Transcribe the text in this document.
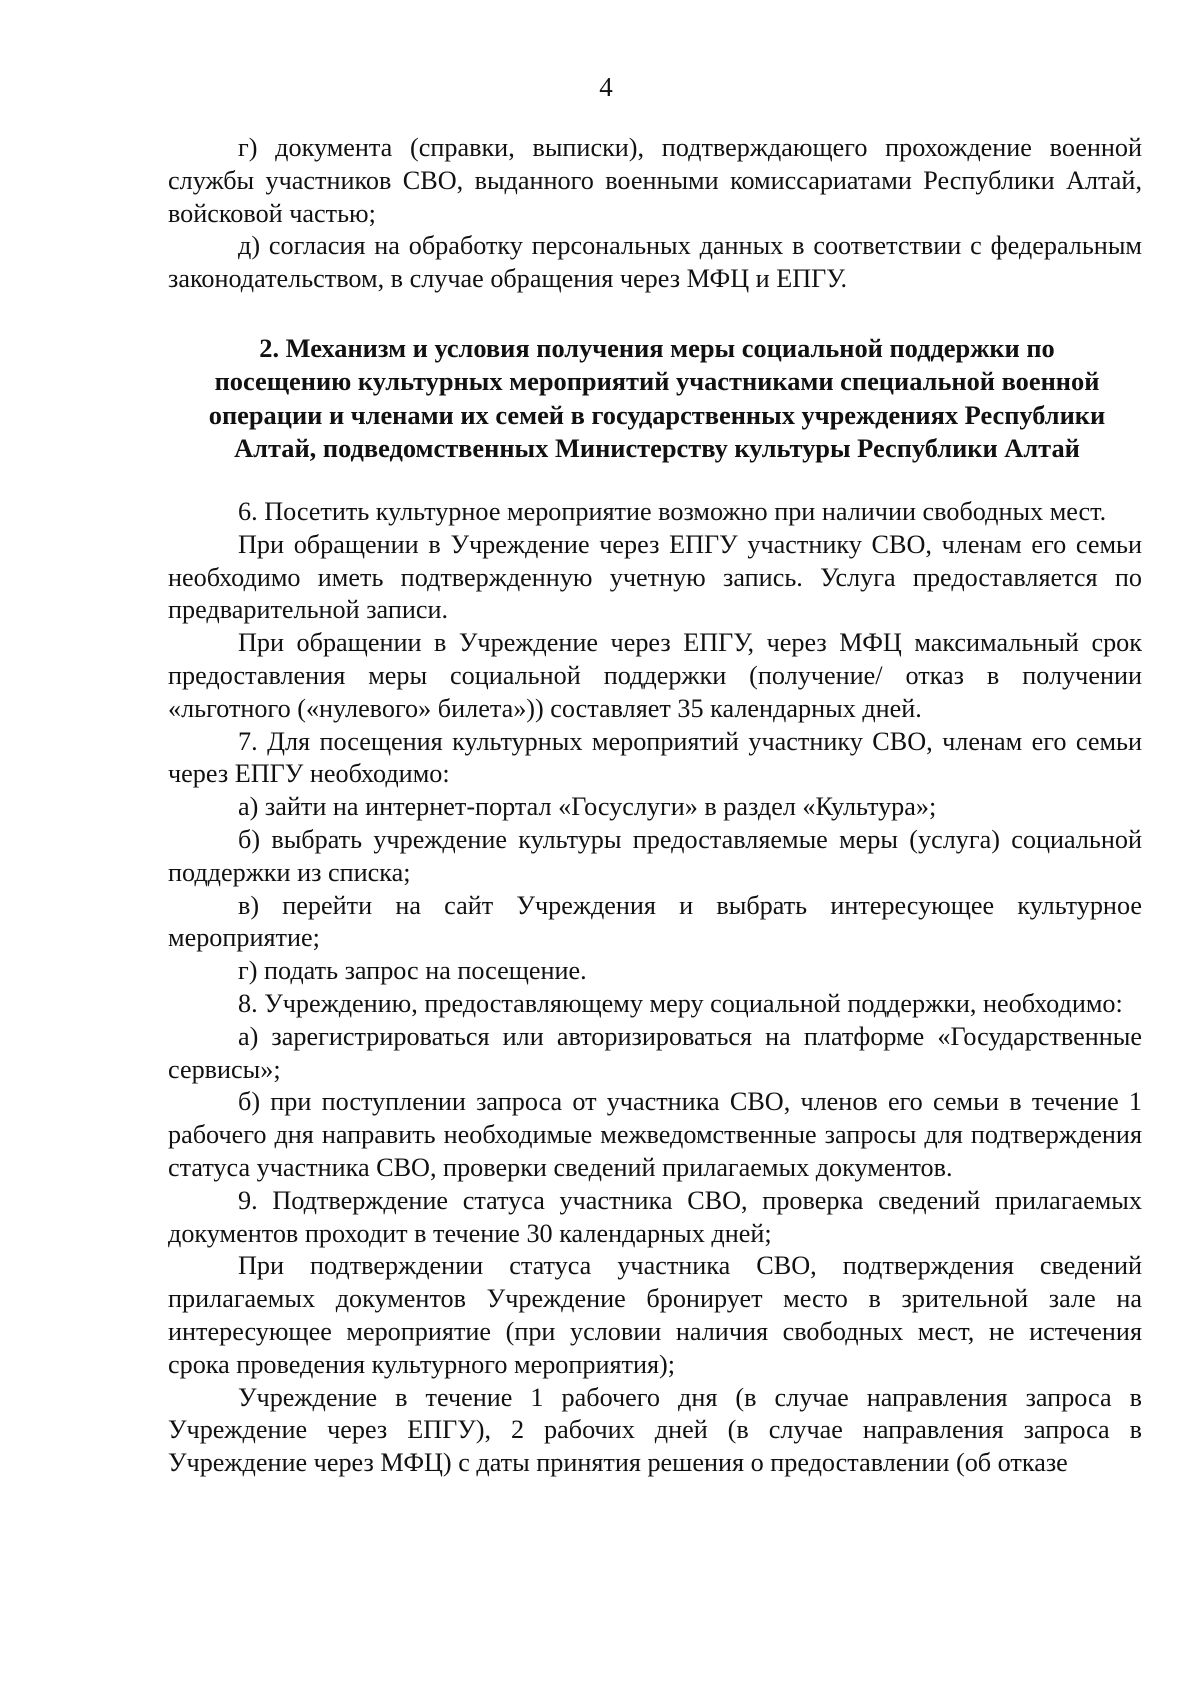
4

г) документа (справки, выписки), подтверждающего прохождение военной службы участников СВО, выданного военными комиссариатами Республики Алтай, войсковой частью;

д) согласия на обработку персональных данных в соответствии с федеральным законодательством, в случае обращения через МФЦ и ЕПГУ.

2. Механизм и условия получения меры социальной поддержки по
посещению культурных мероприятий участниками специальной военной
операции и членами их семей в государственных учреждениях Республики
Алтай, подведомственных Министерству культуры Республики Алтай

6. Посетить культурное мероприятие возможно при наличии свободных мест.

При обращении в Учреждение через ЕПГУ участнику СВО, членам его семьи необходимо иметь подтвержденную учетную запись. Услуга предоставляется по предварительной записи.

При обращении в Учреждение через ЕПГУ, через МФЦ максимальный срок предоставления меры социальной поддержки (получение/ отказ в получении «льготного («нулевого» билета»)) составляет 35 календарных дней.

7. Для посещения культурных мероприятий участнику СВО, членам его семьи через ЕПГУ необходимо:

а) зайти на интернет-портал «Госуслуги» в раздел «Культура»;

б) выбрать учреждение культуры предоставляемые меры (услуга) социальной поддержки из списка;

в) перейти на сайт Учреждения и выбрать интересующее культурное мероприятие;

г) подать запрос на посещение.

8. Учреждению, предоставляющему меру социальной поддержки, необходимо:

а) зарегистрироваться или авторизироваться на платформе «Государственные сервисы»;

б) при поступлении запроса от участника СВО, членов его семьи в течение 1 рабочего дня направить необходимые межведомственные запросы для подтверждения статуса участника СВО, проверки сведений прилагаемых документов.

9. Подтверждение статуса участника СВО, проверка сведений прилагаемых документов проходит в течение 30 календарных дней;

При подтверждении статуса участника СВО, подтверждения сведений прилагаемых документов Учреждение бронирует место в зрительной зале на интересующее мероприятие (при условии наличия свободных мест, не истечения срока проведения культурного мероприятия);

Учреждение в течение 1 рабочего дня (в случае направления запроса в Учреждение через ЕПГУ), 2 рабочих дней (в случае направления запроса в Учреждение через МФЦ) с даты принятия решения о предоставлении (об отказе
